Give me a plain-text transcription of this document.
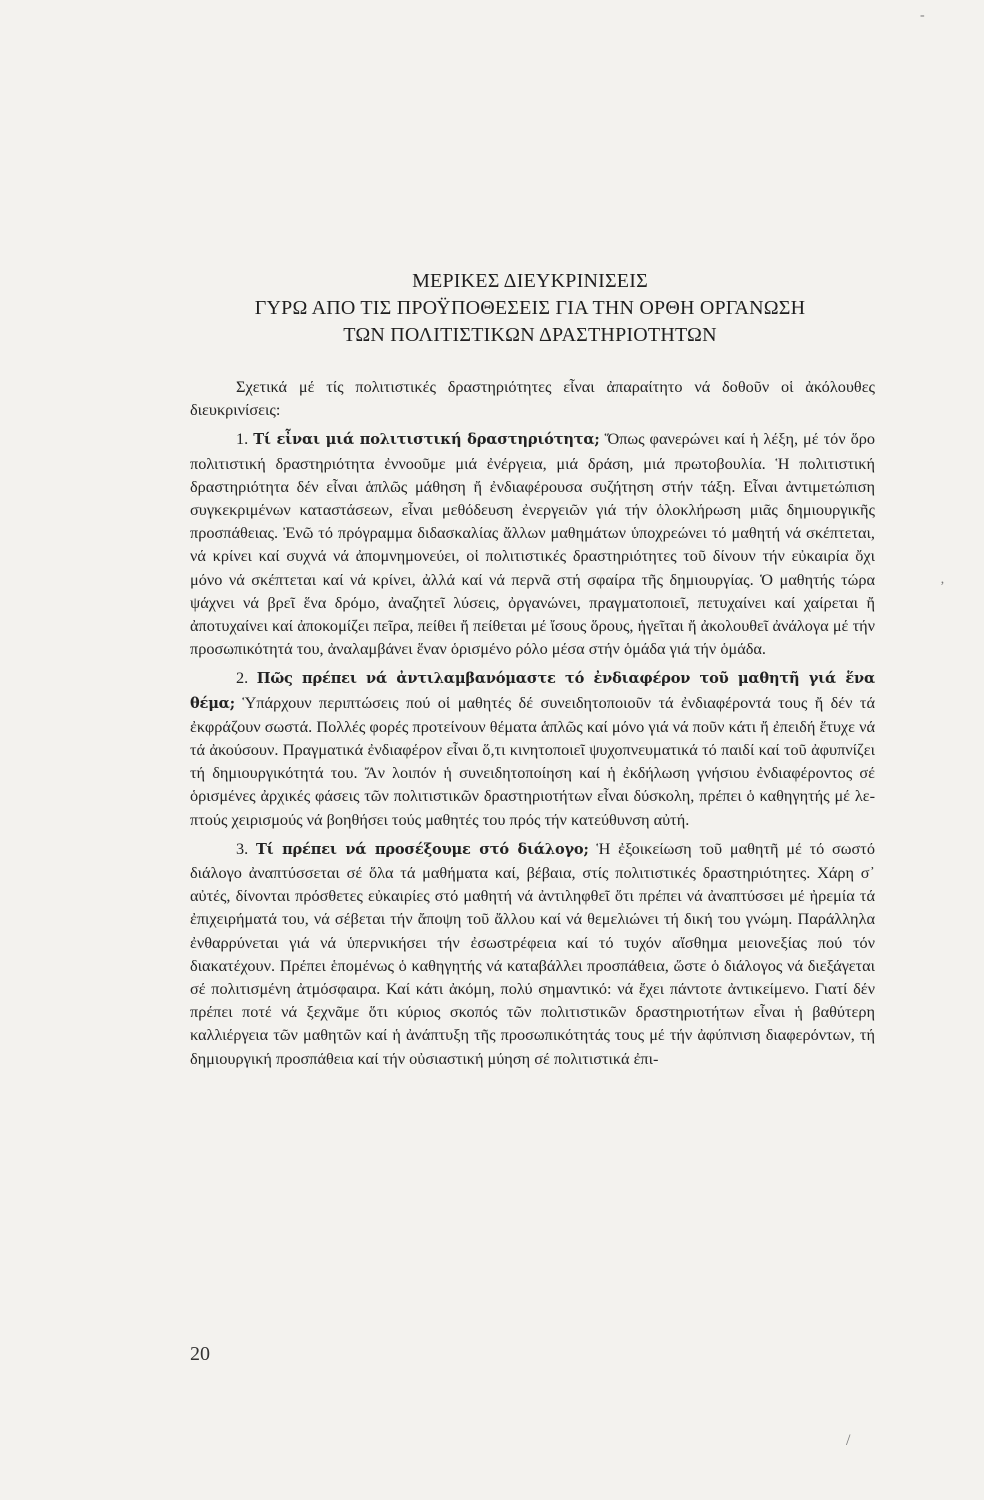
-
ΜΕΡΙΚΕΣ ΔΙΕΥΚΡΙΝΙΣΕΙΣ
ΓΥΡΩ ΑΠΟ ΤΙΣ ΠΡΟΫΠΟΘΕΣΕΙΣ ΓΙΑ ΤΗΝ ΟΡΘΗ ΟΡΓΑΝΩΣΗ
ΤΩΝ ΠΟΛΙΤΙΣΤΙΚΩΝ ΔΡΑΣΤΗΡΙΟΤΗΤΩΝ

Σχετικά μέ τίς πολιτιστικές δραστηριότητες εἶναι ἀπαραίτητο νά δοθοῦν οἱ ἀκόλουθες διευκρινίσεις:

1. Τί εἶναι μιά πολιτιστική δραστηριότητα; Ὅπως φανερώνει καί ἡ λέξη, μέ τόν ὅρο πολιτιστική δραστηριότητα ἐννοοῦμε μιά ἐνέργεια, μιά δράση, μιά πρωτοβουλία. Ἡ πολιτιστική δραστηριότητα δέν εἶναι ἁπλῶς μάθηση ἤ ἐνδιαφέρουσα συζήτηση στήν τάξη. Εἶναι ἀντιμετώπιση συγκεκριμένων καταστάσεων, εἶναι μεθόδευση ἐνεργειῶν γιά τήν ὁλοκλήρωση μιᾶς δημιουργικῆς προσπάθειας. Ἐνῶ τό πρόγραμμα διδασκαλίας ἄλλων μαθημάτων ὑποχρεώνει τό μαθητή νά σκέπτεται, νά κρίνει καί συχνά νά ἀπομνημονεύει, οἱ πολιτιστικές δραστηριότητες τοῦ δίνουν τήν εὐκαιρία ὄχι μόνο νά σκέπτεται καί νά κρίνει, ἀλλά καί νά περνᾶ στή σφαίρα τῆς δημιουργίας. Ὁ μαθητής τώρα ψάχνει νά βρεῖ ἕνα δρόμο, ἀναζητεῖ λύσεις, ὀργανώνει, πραγματοποιεῖ, πετυχαίνει καί χαίρεται ἤ ἀποτυχαίνει καί ἀποκομίζει πεῖρα, πείθει ἤ πείθεται μέ ἴσους ὅρους, ἡγεῖται ἤ ἀκολουθεῖ ἀνάλογα μέ τήν προσωπικότητά του, ἀναλαμβάνει ἕναν ὁρισμένο ρόλο μέσα στήν ὁμάδα γιά τήν ὁμάδα.

2. Πῶς πρέπει νά ἀντιλαμβανόμαστε τό ἐνδιαφέρον τοῦ μαθητῆ γιά ἕνα θέμα; Ὑπάρχουν περιπτώσεις πού οἱ μαθητές δέ συνειδητοποιοῦν τά ἐνδιαφέροντά τους ἤ δέν τά ἐκφράζουν σωστά. Πολλές φορές προτείνουν θέματα ἁπλῶς καί μόνο γιά νά ποῦν κάτι ἤ ἐπειδή ἔτυχε νά τά ἀκούσουν. Πραγματικά ἐνδιαφέρον εἶναι ὅ,τι κινητοποιεῖ ψυχοπνευματικά τό παιδί καί τοῦ ἀφυπνίζει τή δημιουργικότητά του. Ἄν λοιπόν ἡ συνειδητοποίηση καί ἡ ἐκδήλωση γνήσιου ἐνδιαφέροντος σέ ὁρισμένες ἀρχικές φάσεις τῶν πολιτιστικῶν δραστηριοτήτων εἶναι δύσκολη, πρέπει ὁ καθηγητής μέ λεπτούς χειρισμούς νά βοηθήσει τούς μαθητές του πρός τήν κατεύθυνση αὐτή.

3. Τί πρέπει νά προσέξουμε στό διάλογο; Ἡ ἐξοικείωση τοῦ μαθητῆ μέ τό σωστό διάλογο ἀναπτύσσεται σέ ὅλα τά μαθήματα καί, βέβαια, στίς πολιτιστικές δραστηριότητες. Χάρη σ᾿ αὐτές, δίνονται πρόσθετες εὐκαιρίες στό μαθητή νά ἀντιληφθεῖ ὅτι πρέπει νά ἀναπτύσσει μέ ἠρεμία τά ἐπιχειρήματά του, νά σέβεται τήν ἄποψη τοῦ ἄλλου καί νά θεμελιώνει τή δική του γνώμη. Παράλληλα ἐνθαρρύνεται γιά νά ὑπερνικήσει τήν ἐσωστρέφεια καί τό τυχόν αἴσθημα μειονεξίας πού τόν διακατέχουν. Πρέπει ἑπομένως ὁ καθηγητής νά καταβάλλει προσπάθεια, ὥστε ὁ διάλογος νά διεξάγεται σέ πολιτισμένη ἀτμόσφαιρα. Καί κάτι ἀκόμη, πολύ σημαντικό: νά ἔχει πάντοτε ἀντικείμενο. Γιατί δέν πρέπει ποτέ νά ξεχνᾶμε ὅτι κύριος σκοπός τῶν πολιτιστικῶν δραστηριοτήτων εἶναι ἡ βαθύτερη καλλιέργεια τῶν μαθητῶν καί ἡ ἀνάπτυξη τῆς προσωπικότητάς τους μέ τήν ἀφύπνιση διαφερόντων, τή δημιουργική προσπάθεια καί τήν οὐσιαστική μύηση σέ πολιτιστικά ἐπι-

‚
20
/
